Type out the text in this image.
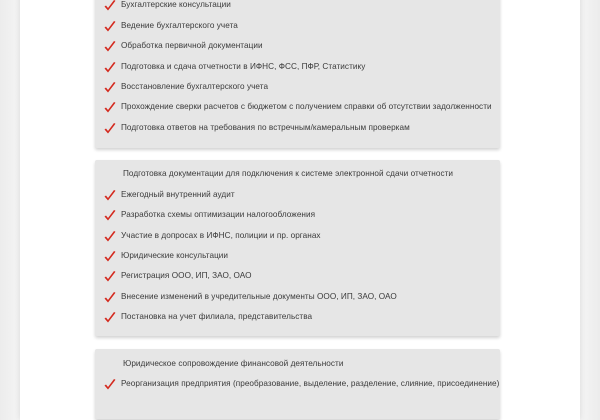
Бухгалтерские консультации
Ведение бухгалтерского учета
Обработка первичной документации
Подготовка и сдача отчетности в ИФНС, ФСС, ПФР, Статистику
Восстановление бухгалтерского учета
Прохождение сверки расчетов с бюджетом с получением справки об отсутствии задолженности
Подготовка ответов на требования по встречным/камеральным проверкам
Подготовка документации для подключения к системе электронной сдачи отчетности
Ежегодный внутренний аудит
Разработка схемы оптимизации налогообложения
Участие в допросах в ИФНС, полиции и пр. органах
Юридические консультации
Регистрация ООО, ИП, ЗАО, ОАО
Внесение изменений в учредительные документы ООО, ИП, ЗАО, ОАО
Постановка на учет филиала, представительства
Юридическое сопровождение финансовой деятельности
Реорганизация предприятия (преобразование, выделение, разделение, слияние, присоединение)
